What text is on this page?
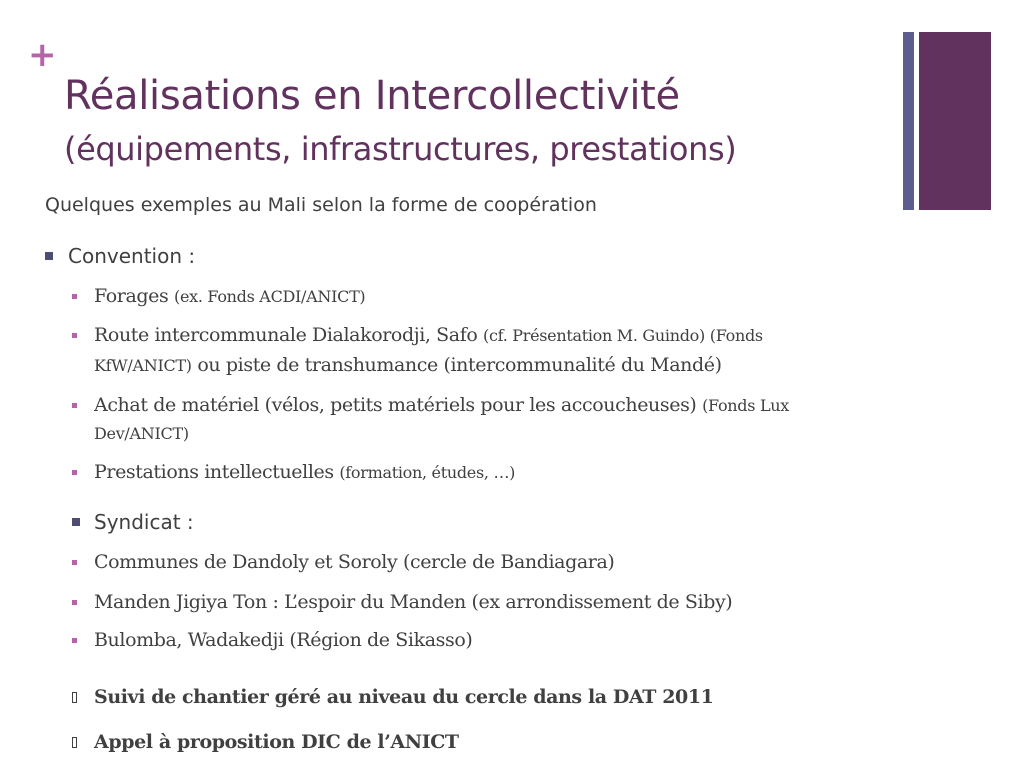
+
Réalisations en Intercollectivité
(équipements, infrastructures, prestations)
Quelques exemples au Mali selon la forme de coopération
Convention :
Forages (ex. Fonds ACDI/ANICT)
Route intercommunale Dialakorodji, Safo (cf. Présentation M. Guindo) (Fonds
KfW/ANICT) ou piste de transhumance (intercommunalité du Mandé)
Achat de matériel (vélos, petits matériels pour les accoucheuses) (Fonds Lux
Dev/ANICT)
Prestations intellectuelles (formation, études, …)
Syndicat :
Communes de Dandoly et Soroly (cercle de Bandiagara)
Manden Jigiya Ton : L’espoir du Manden (ex arrondissement de Siby)
Bulomba, Wadakedji (Région de Sikasso)
Suivi de chantier géré au niveau du cercle dans la DAT 2011
Appel à proposition DIC de l’ANICT
